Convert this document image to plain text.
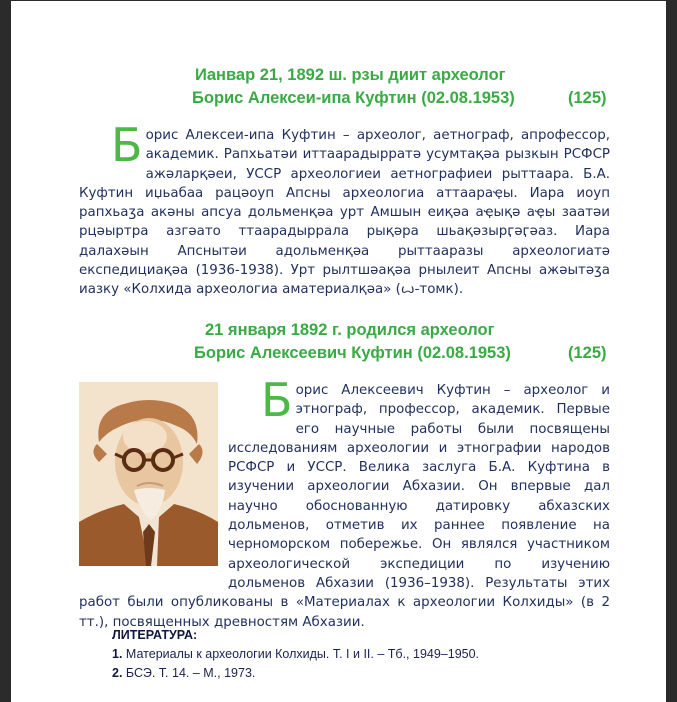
Ианвар 21, 1892 ш. рзы диит археолог
Борис Алексеи-ипа Куфтин (02.08.1953)	(125)
Борис Алексеи-ипа Куфтин – археолог, аетнограф, апрофессор, академик. Рапхьатәи иттаарадырратә усумтақәа рызкын РСФСР ажәларқәеи, УССР археологиеи аетнографиеи рыттаара. Б.А. Куфтин иџьабаа рацәоуп Апсны археологиа аттаараҿы. Иара иоуп рапхьаӡа акәны апсуа дольменқәа урт Амшын еиқәа аҿықә аҿы заатәи рцәыртра азгәато ттаарадыррала рықәра шьақәзырӷәӷәаз. Иара далахәын Апснытәи адольменқәа рыттааразы археологиатә експедициақәа (1936-1938). Урт рылтшәақәа рнылеит Апсны ажәытәӡа иазку «Колхида археологиа аматериалқәа» (ꙍ-томк).
21 января 1892 г. родился археолог
Борис Алексеевич Куфтин (02.08.1953)	(125)
Борис Алексеевич Куфтин – археолог и этнограф, профессор, академик. Первые его научные работы были посвящены исследованиям археологии и этнографии народов РСФСР и УССР. Велика заслуга Б.А. Куфтина в изучении археологии Абхазии. Он впервые дал научно обоснованную датировку абхазских дольменов, отметив их раннее появление на черноморском побережье. Он являлся участником археологической экспедиции по изучению дольменов Абхазии (1936–1938). Результаты этих работ были опубликованы в «Материалах к археологии Колхиды» (в 2 тт.), посвященных древностям Абхазии.
ЛИТЕРАТУРА:
1. Материалы к археологии Колхиды. Т. I и II. – Тб., 1949–1950.
2. БСЭ. Т. 14. – М., 1973.
